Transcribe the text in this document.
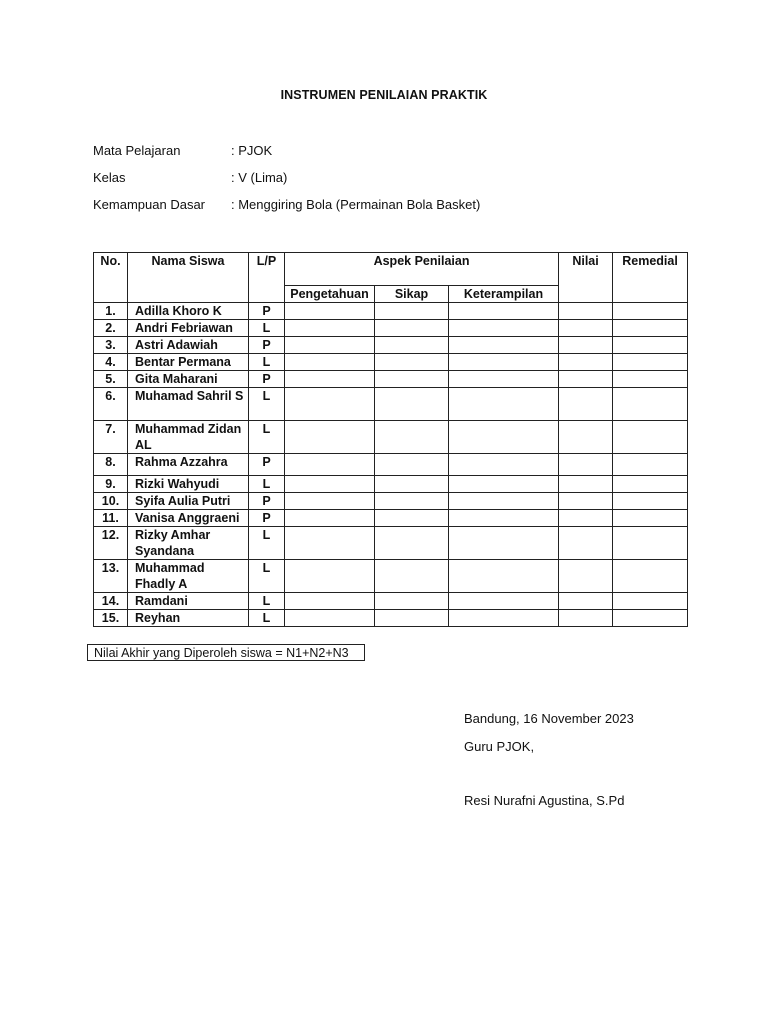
INSTRUMEN PENILAIAN PRAKTIK
Mata Pelajaran	: PJOK
Kelas	: V (Lima)
Kemampuan Dasar : Menggiring Bola (Permainan Bola Basket)
No.	Nama Siswa	L/P	Aspek Penilaian			Nilai	Remedial
			Pengetahuan	Sikap	Keterampilan		
1.	Adilla Khoro K	P					
2.	Andri Febriawan	L					
3.	Astri Adawiah	P					
4.	Bentar Permana	L					
5.	Gita Maharani	P					
6.	Muhamad Sahril S	L					
7.	Muhammad Zidan AL	L					
8.	Rahma Azzahra	P					
9.	Rizki Wahyudi	L					
10.	Syifa Aulia Putri	P					
11.	Vanisa Anggraeni	P					
12.	Rizky Amhar Syandana	L					
13.	Muhammad Fhadly A	L					
14.	Ramdani	L					
15.	Reyhan	L					
Nilai Akhir yang Diperoleh siswa = N1+N2+N3
Bandung, 16 November 2023
Guru PJOK,
Resi Nurafni Agustina, S.Pd
